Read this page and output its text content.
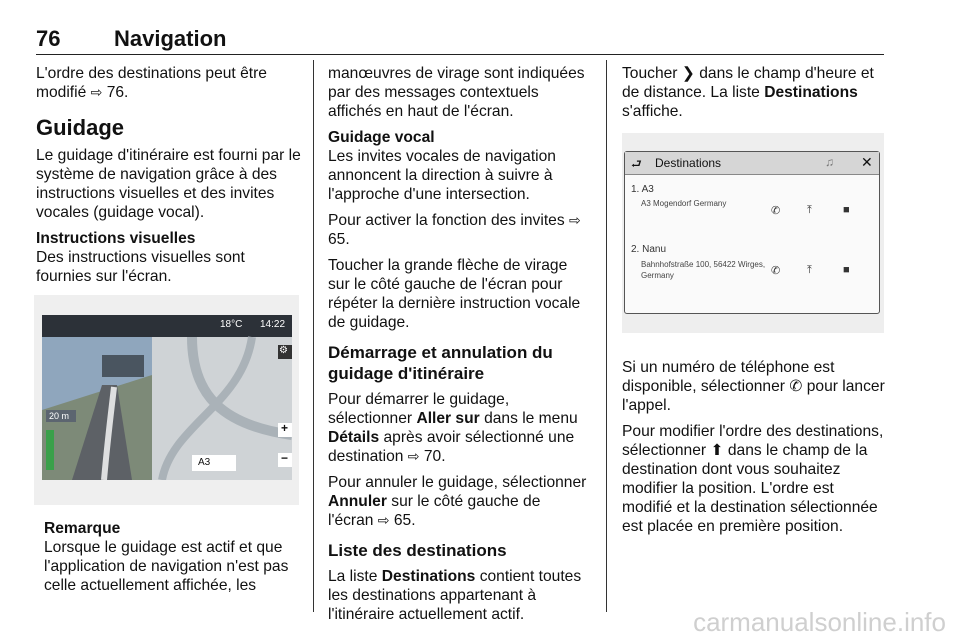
76 Navigation

L'ordre des destinations peut être modifié ⇨ 76.

Guidage

Le guidage d'itinéraire est fourni par le système de navigation grâce à des instructions visuelles et des invites vocales (guidage vocal).

Instructions visuelles

Des instructions visuelles sont fournies sur l'écran.

18°C 14:22
⚙
20 m
A3
+
−
Remarque
Lorsque le guidage est actif et que l'application de navigation n'est pas celle actuellement affichée, les

manœuvres de virage sont indiquées par des messages contextuels affichés en haut de l'écran.

Guidage vocal

Les invites vocales de navigation annoncent la direction à suivre à l'approche d'une intersection.

Pour activer la fonction des invites ⇨ 65.

Toucher la grande flèche de virage sur le côté gauche de l'écran pour répéter la dernière instruction vocale de guidage.

Démarrage et annulation du guidage d'itinéraire

Pour démarrer le guidage, sélectionner Aller sur dans le menu Détails après avoir sélectionné une destination ⇨ 70.

Pour annuler le guidage, sélectionner Annuler sur le côté gauche de l'écran ⇨ 65.

Liste des destinations

La liste Destinations contient toutes les destinations appartenant à l'itinéraire actuellement actif.

Toucher ❯ dans le champ d'heure et de distance. La liste Destinations s'affiche.

⮐ Destinations	♫ ✕
1. A3
A3 Mogendorf Germany
✆ ⤒	■
2. Nanu
Bahnhofstraße 100, 56422 Wirges,
Germany	✆ ⤒	■

Si un numéro de téléphone est disponible, sélectionner ✆ pour lancer l'appel.

Pour modifier l'ordre des destinations, sélectionner ⬆ dans le champ de la destination dont vous souhaitez modifier la position. L'ordre est modifié et la destination sélectionnée est placée en première position.

carmanualsonline.info
